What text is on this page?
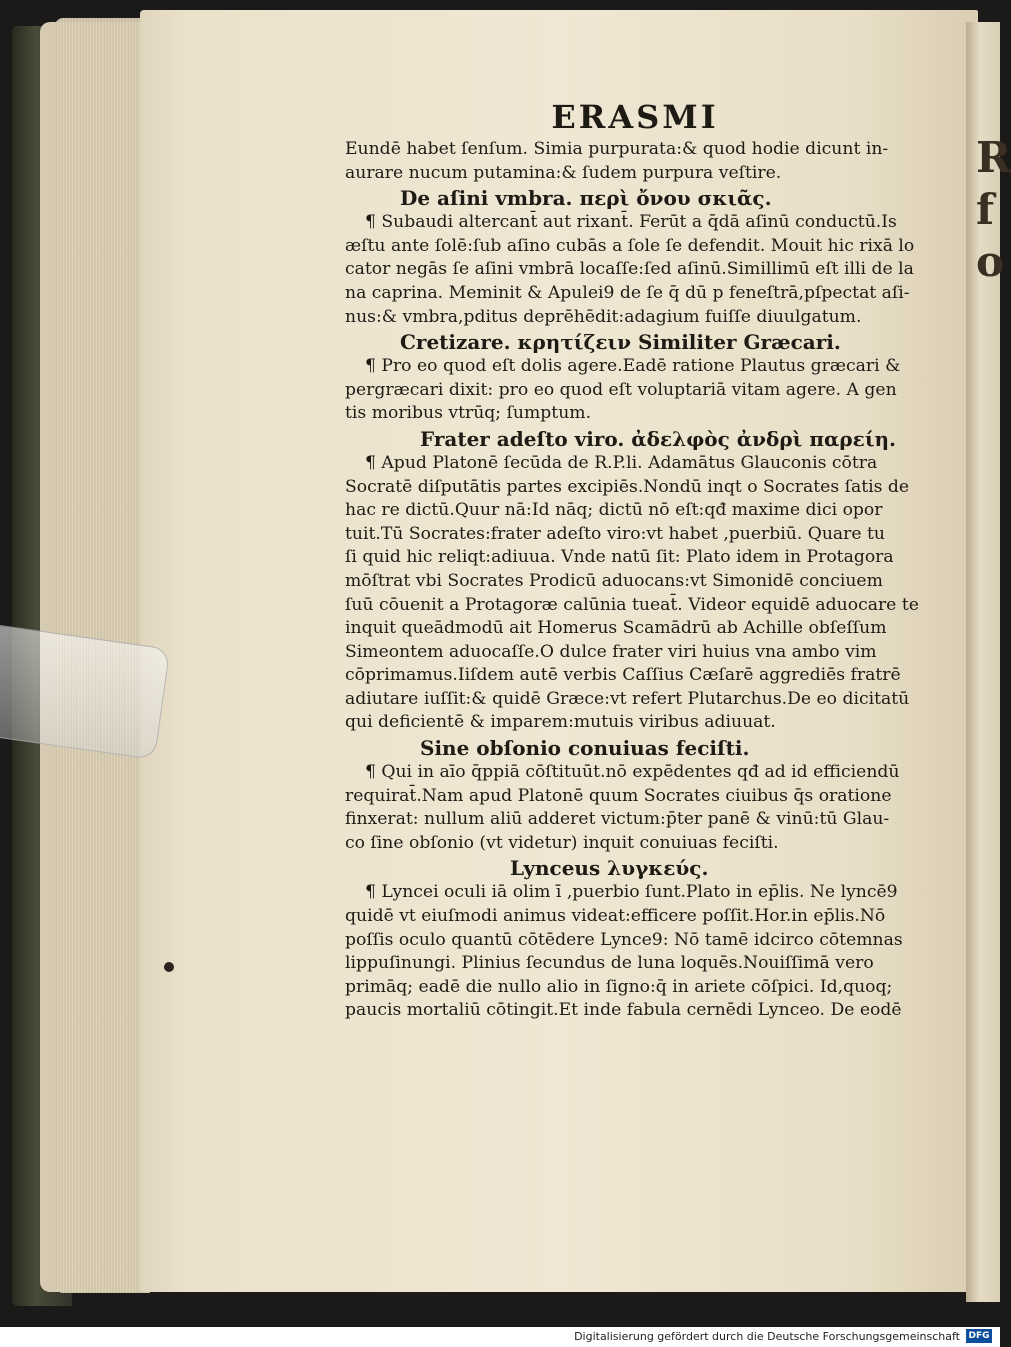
R
f
o
ERASMI
Eundē habet ſenſum. Simia purpurata:& quod hodie dicunt in-
aurare nucum putamina:& ſudem purpura veſtire.
De aſini vmbra. περὶ ὄνου σκιᾶς.
¶ Subaudi altercant̄ aut rixant̄. Ferūt a q̄dā aſinū conductū.Is
æſtu ante ſolē:ſub aſino cubās a ſole ſe defendit. Mouit hic rixā lo
cator negās ſe aſini vmbrā locaſſe:ſed aſinū.Simillimū eſt illi de la
na caprina. Meminit & Apulei9 de ſe q̄ dū p feneſtrā,pſpectat aſi-
nus:& vmbra,pditus deprēhēdit:adagium fuiſſe diuulgatum.
Cretizare. κρητίζειν Similiter Græcari.
¶ Pro eo quod eſt dolis agere.Eadē ratione Plautus græcari &
pergræcari dixit: pro eo quod eſt voluptariā vitam agere. A gen
tis moribus vtrūq; ſumptum.
Frater adeſto viro. ἀδελφὸς ἀνδρὶ παρείη.
¶ Apud Platonē ſecūda de R.P.li. Adamātus Glauconis cōtra
Socratē diſputātis partes excipiēs.Nondū inqt o Socrates ſatis de
hac re dictū.Quur nā:Id nāq; dictū nō eſt:qđ maxime dici opor
tuit.Tū Socrates:frater adeſto viro:vt habet ,puerbiū. Quare tu
ſi quid hic reliqt:adiuua. Vnde natū ſit: Plato idem in Protagora
mōſtrat vbi Socrates Prodicū aduocans:vt Simonidē conciuem
ſuū cōuenit a Protagoræ calūnia tueat̄. Videor equidē aduocare te
inquit queādmodū ait Homerus Scamādrū ab Achille obſeſſum
Simeontem aduocaſſe.O dulce frater viri huius vna ambo vim
cōprimamus.Iiſdem autē verbis Caſſius Cæſarē aggrediēs fratrē
adiutare iuſſit:& quidē Græce:vt refert Plutarchus.De eo dicitatū
qui deficientē & imparem:mutuis viribus adiuuat.
Sine obſonio conuiuas feciſti.
¶ Qui in aīo q̄ppiā cōſtituūt.nō expēdentes qđ ad id efficiendū
requirat̄.Nam apud Platonē quum Socrates ciuibus q̄s oratione
finxerat: nullum aliū adderet victum:p̄ter panē & vinū:tū Glau-
co ſine obſonio (vt videtur) inquit conuiuas feciſti.
Lynceus λυγκεύς.
¶ Lyncei oculi iā olim ī ,puerbio ſunt.Plato in ep̄lis. Ne lyncē9
quidē vt eiuſmodi animus videat:efficere poſſit.Hor.in ep̄lis.Nō
poſſis oculo quantū cōtēdere Lynce9: Nō tamē idcirco cōtemnas
lippuſinungi. Plinius ſecundus de luna loquēs.Nouiſſimā vero
primāq; eadē die nullo alio in ſigno:q̄ in ariete cōſpici. Id,quoq;
paucis mortaliū cōtingit.Et inde fabula cernēdi Lynceo. De eodē
Digitalisierung gefördert durch die Deutsche Forschungsgemeinschaft DFG
